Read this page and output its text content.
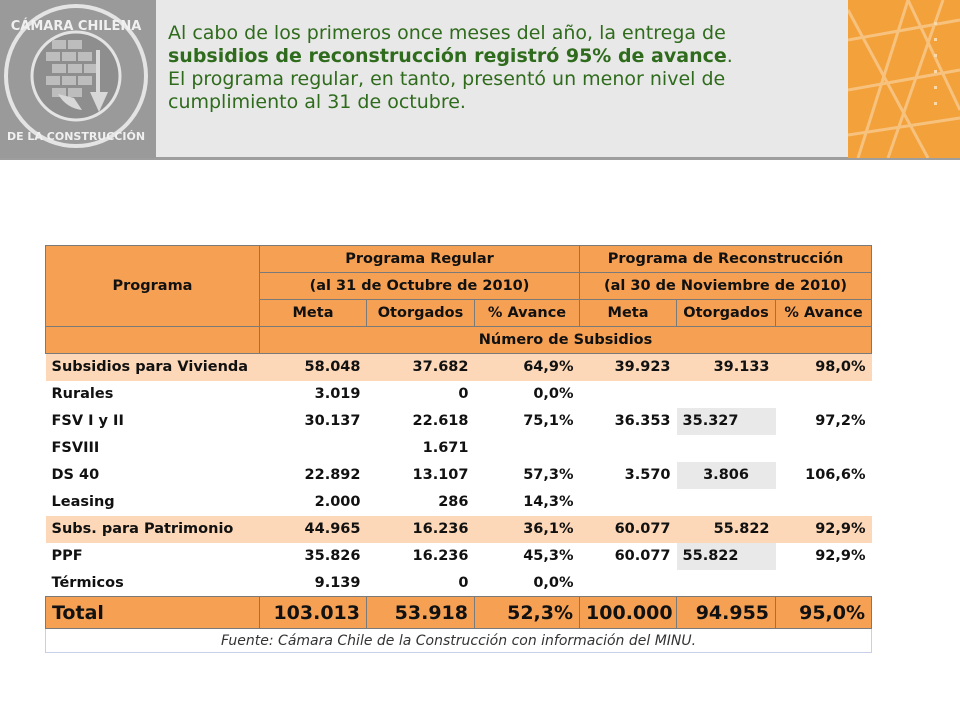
CÁMARA CHILENA
DE LA CONSTRUCCIÓN
Al cabo de los primeros once meses del año, la entrega de
subsidios de reconstrucción registró 95% de avance.
El programa regular, en tanto, presentó un menor nivel de
cumplimiento al 31 de octubre.
Programa	Programa Regular			Programa de Reconstrucción		
	(al 31 de Octubre de 2010)			(al 30 de Noviembre de 2010)		
	Meta	Otorgados	% Avance	Meta	Otorgados	% Avance
	Número de Subsidios					
Subsidios para Vivienda	58.048	37.682	64,9%	39.923	39.133	98,0%
Rurales	3.019	0	0,0%			
FSV I y II	30.137	22.618	75,1%	36.353	35.327	97,2%
FSVIII		1.671				
DS 40	22.892	13.107	57,3%	3.570	3.806	106,6%
Leasing	2.000	286	14,3%			
Subs. para Patrimonio	44.965	16.236	36,1%	60.077	55.822	92,9%
PPF	35.826	16.236	45,3%	60.077	55.822	92,9%
Térmicos	9.139	0	0,0%			
Total	103.013	53.918	52,3%	100.000	94.955	95,0%
Fuente: Cámara Chile de la Construcción con información del MINU.						
